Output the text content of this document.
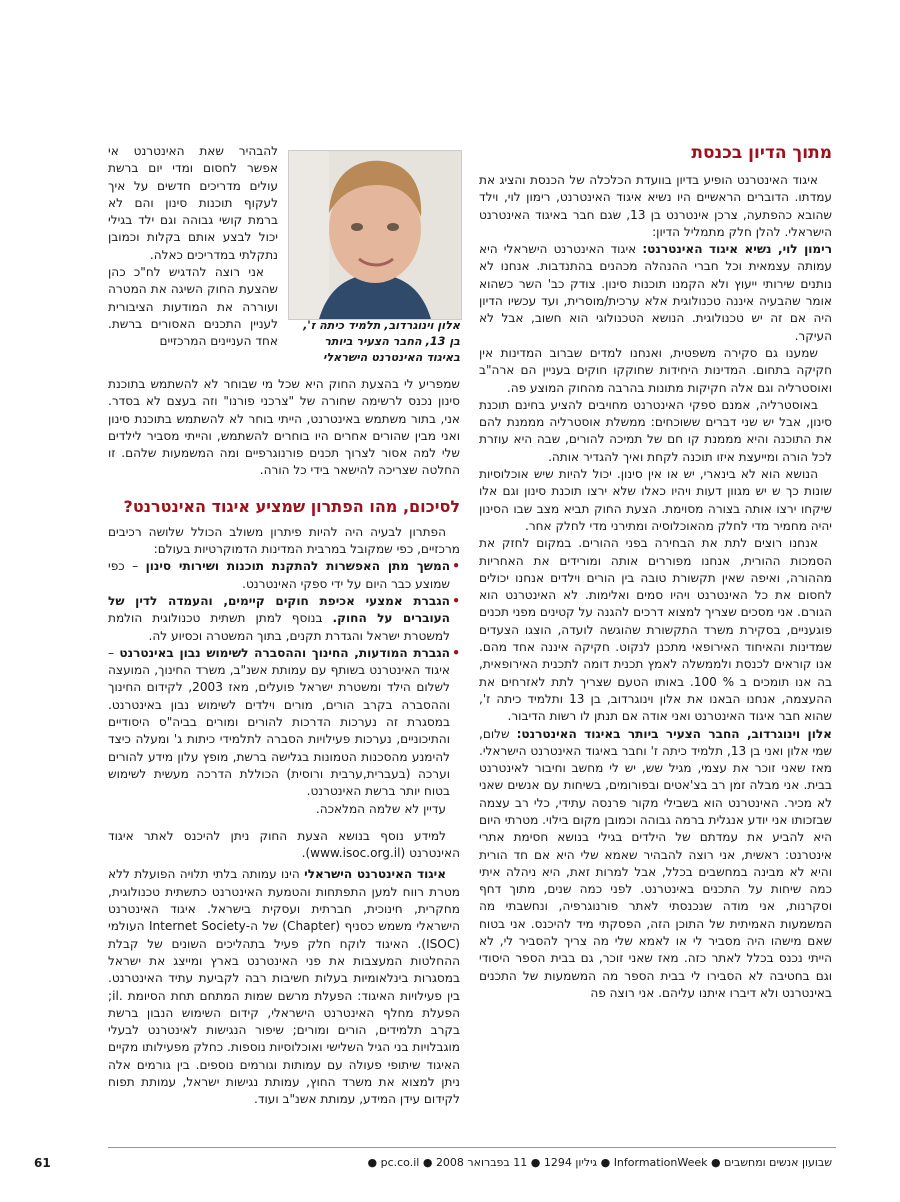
מתוך הדיון בכנסת

איגוד האינטרנט הופיע בדיון בוועדת הכלכלה של הכנסת והציג את עמדתו. הדוברים הראשיים היו נשיא איגוד האינטרנט, רימון לוי, וילד שהובא כהפתעה, צרכן אינטרנט בן 13, שגם חבר באיגוד האינטרנט הישראלי. להלן חלק מתמליל הדיון:

רימון לוי, נשיא איגוד האינטרנט: איגוד האינטרנט הישראלי היא עמותה עצמאית וכל חברי ההנהלה מכהנים בהתנדבות. אנחנו לא נותנים שירותי ייעוץ ולא הקמנו תוכנות סינון. צודק כב' השר כשהוא אומר שהבעיה איננה טכנולוגית אלא ערכית/מוסרית, ועד עכשיו הדיון היה אם זה יש טכנולוגית. הנושא הטכנולוגי הוא חשוב, אבל לא העיקר.

שמענו גם סקירה משפטית, ואנחנו למדים שברוב המדינות אין חקיקה בתחום. המדינות היחידות שחוקקו חוקים בעניין הם ארה"ב ואוסטרליה וגם אלה חקיקות מתונות בהרבה מהחוק המוצע פה.

באוסטרליה, אמנם ספקי האינטרנט מחויבים להציע בחינם תוכנת סינון, אבל יש שני דברים ששוכחים: ממשלת אוסטרליה מממנת להם את התוכנה והיא מממנת קו חם של תמיכה להורים, שבה היא עוזרת לכל הורה ומייעצת איזו תוכנה לקחת ואיך להגדיר אותה.

הנושא הוא לא בינארי, יש או אין סינון. יכול להיות שיש אוכלוסיות שונות כך ש יש מגוון דעות ויהיו כאלו שלא ירצו תוכנת סינון וגם אלו שיקחו ירצו אותה בצורה מסוימת. הצעת החוק תביא מצב שבו הסינון יהיה מחמיר מדי לחלק מהאוכלוסיה ומתירני מדי לחלק אחר.

אנחנו רוצים לתת את הבחירה בפני ההורים. במקום לחזק את הסמכות ההורית, אנחנו מפוררים אותה ומורידים את האחריות מההורה, ואיפה שאין תקשורת טובה בין הורים וילדים אנחנו יכולים לחסום את כל האינטרנט ויהיו סמים ואלימות. לא האינטרנט הוא הגורם. אני מסכים שצריך למצוא דרכים להגנה על קטינים מפני תכנים פוגעניים, בסקירת משרד התקשורת שהוגשה לועדה, הוצגו הצעדים שמדינות והאיחוד האירופאי מתכנן לנקוט. חקיקה איננה אחד מהם. אנו קוראים לכנסת ולממשלה לאמץ תכנית דומה לתכנית האירופאית, בה אנו תומכים ב % 100. באותו הטעם שצריך לתת לאזרחים את ההעצמה, אנחנו הבאנו את אלון וינוגרדוב, בן 13 ותלמיד כיתה ז', שהוא חבר איגוד האינטרנט ואני אודה אם תנתן לו רשות הדיבור.

אלון וינוגרדוב, החבר הצעיר ביותר באיגוד האינטרנט: שלום, שמי אלון ואני בן 13, תלמיד כיתה ז' וחבר באיגוד האינטרנט הישראלי. מאז שאני זוכר את עצמי, מגיל שש, יש לי מחשב וחיבור לאינטרנט בבית. אני מבלה זמן רב בצ'אטים ובפורומים, בשיחות עם אנשים שאני לא מכיר. האינטרנט הוא בשבילי מקור פרנסה עתידי, כלי רב עצמה שבזכותו אני יודע אנגלית ברמה גבוהה וכמובן מקום בילוי. מטרתי היום היא להביע את עמדתם של הילדים בגילי בנושא חסימת אתרי אינטרנט: ראשית, אני רוצה להבהיר שאמא שלי היא אם חד הורית והיא לא מבינה במחשבים בכלל, אבל למרות זאת, היא ניהלה איתי כמה שיחות על התכנים באינטרנט. לפני כמה שנים, מתוך דחף וסקרנות, אני מודה שנכנסתי לאתר פורנוגרפיה, ונחשבתי מה המשמעות האמיתית של התוכן הזה, הפסקתי מיד להיכנס. אני בטוח שאם מישהו היה מסביר לי או לאמא שלי מה צריך להסביר לי, לא הייתי נכנס בכלל לאתר כזה. מאז שאני זוכר, גם בבית הספר היסודי וגם בחטיבה לא הסבירו לי בבית הספר מה המשמעות של התכנים באינטרנט ולא דיברו איתנו עליהם. אני רוצה פה

אלון וינוגרדוב, תלמיד כיתה ז',
בן 13, החבר הצעיר ביותר
באיגוד האינטרנט הישראלי

להבהיר שאת האינטרנט אי אפשר לחסום ומדי יום ברשת עולים מדריכים חדשים על איך לעקוף תוכנות סינון והם לא ברמת קושי גבוהה וגם ילד בגילי יכול לבצע אותם בקלות וכמובן נתקלתי במדריכים כאלה.

אני רוצה להדגיש לח"כ כהן שהצעת החוק השיגה את המטרה ועוררה את המודעות הציבורית לעניין התכנים האסורים ברשת. אחד העניינים המרכזיים

שמפריע לי בהצעת החוק היא שכל מי שבוחר לא להשתמש בתוכנת סינון נכנס לרשימה שחורה של "צרכני פורנו" וזה בעצם לא בסדר. אני, בתור משתמש באינטרנט, הייתי בוחר לא להשתמש בתוכנת סינון ואני מבין שהורים אחרים היו בוחרים להשתמש, והייתי מסביר לילדים שלי למה אסור לצרוך תכנים פורנוגרפיים ומה המשמעות שלהם. זו החלטה שצריכה להישאר בידי כל הורה.

לסיכום, מהו הפתרון שמציע איגוד האינטרנט?

הפתרון לבעיה היה להיות פיתרון משולב הכולל שלושה רכיבים מרכזיים, כפי שמקובל במרבית המדינות הדמוקרטיות בעולם:

•
המשך מתן האפשרות להתקנת תוכנות ושירותי סינון – כפי שמוצע כבר היום על ידי ספקי האינטרנט.
•
הגברת אמצעי אכיפת חוקים קיימים, והעמדה לדין של העוברים על החוק. בנוסף למתן תשתית טכנולוגית הולמת למשטרת ישראל והגדרת תקנים, בתוך המשטרה וכסיוע לה.
•
הגברת המודעות, החינוך וההסברה לשימוש נבון באינטרנט – איגוד האינטרנט בשותף עם עמותת אשנ"ב, משרד החינוך, המועצה לשלום הילד ומשטרת ישראל פועלים, מאז 2003, לקידום החינוך וההסברה בקרב הורים, מורים וילדים לשימוש נבון באינטרנט. במסגרת זה נערכות הדרכות להורים ומורים בביה"ס היסודיים והתיכוניים, נערכות פעילויות הסברה לתלמידי כיתות ג' ומעלה כיצד להימנע מהסכנות הטמונות בגלישה ברשת, מופץ עלון מידע להורים וערכה (בעברית,ערבית ורוסית) הכוללת הדרכה מעשית לשימוש בטוח יותר ברשת האינטרנט.

עדיין לא שלמה המלאכה.

למידע נוסף בנושא הצעת החוק ניתן להיכנס לאתר איגוד האינטרנט (www.isoc.org.il).

איגוד האינטרנט הישראלי הינו עמותה בלתי תלויה הפועלת ללא מטרת רווח למען התפתחות והטמעת האינטרנט כתשתית טכנולוגית, מחקרית, חינוכית, חברתית ועסקית בישראל. איגוד האינטרנט הישראלי משמש כסניף (Chapter) של ה-Internet Society העולמי (ISOC). האיגוד לוקח חלק פעיל בתהליכים השונים של קבלת ההחלטות המעצבות את פני האינטרנט בארץ ומייצג את ישראל במסגרות בינלאומיות בעלות חשיבות רבה לקביעת עתיד האינטרנט. בין פעילויות האיגוד: הפעלת מרשם שמות המתחם תחת הסיומת .il; הפעלת מחלף האינטרנט הישראלי, קידום השימוש הנבון ברשת בקרב תלמידים, הורים ומורים; שיפור הנגישות לאינטרנט לבעלי מוגבלויות בני הגיל השלישי ואוכלוסיות נוספות. כחלק מפעילותו מקיים האיגוד שיתופי פעולה עם עמותות וגורמים נוספים. בין גורמים אלה ניתן למצוא את משרד החוץ, עמותת נגישות ישראל, עמותת תפוח לקידום עידן המידע, עמותת אשנ"ב ועוד.

61	שבועון אנשים ומחשבים ● InformationWeek ● גיליון 1294 ● 11 בפברואר 2008 ● pc.co.il ●
